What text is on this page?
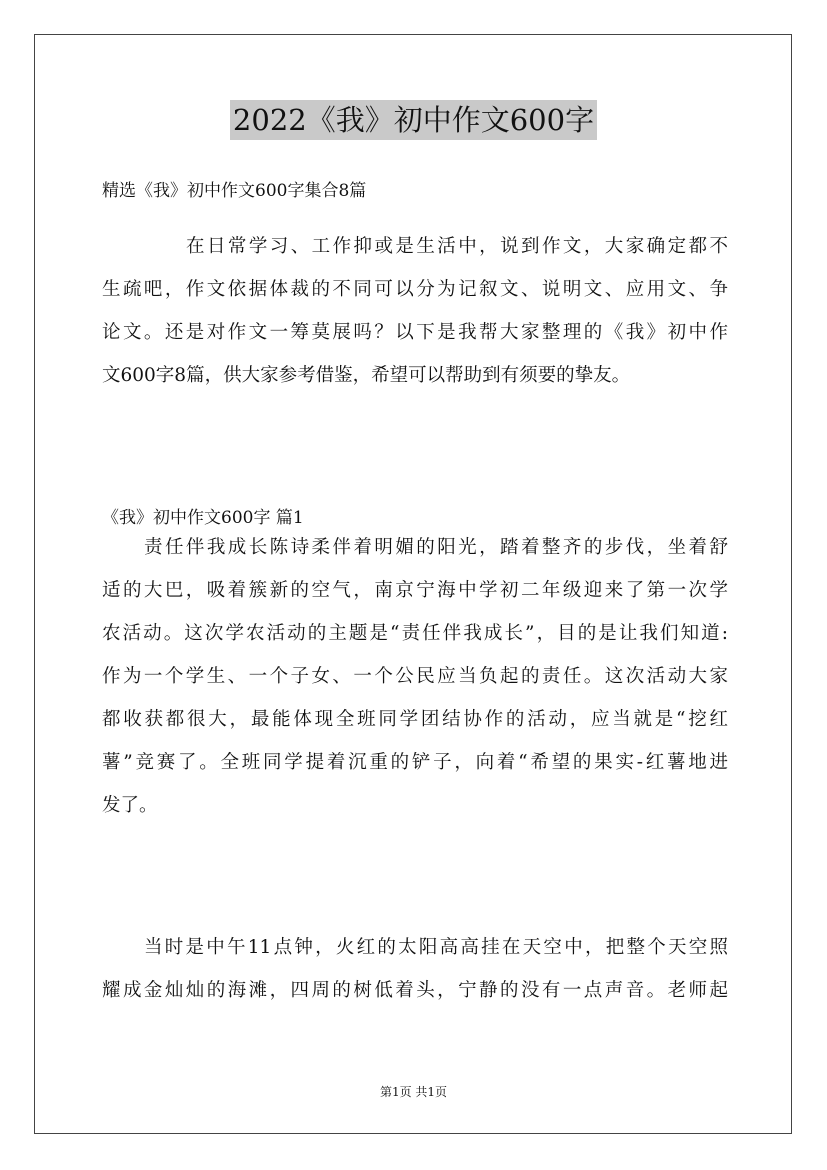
2022《我》初中作文600字
精选《我》初中作文600字集合8篇
在日常学习、工作抑或是生活中，说到作文，大家确定都不
生疏吧，作文依据体裁的不同可以分为记叙文、说明文、应用文、争
论文。还是对作文一筹莫展吗？以下是我帮大家整理的《我》初中作
文600字8篇，供大家参考借鉴，希望可以帮助到有须要的挚友。
《我》初中作文600字 篇1
责任伴我成长陈诗柔伴着明媚的阳光，踏着整齐的步伐，坐着舒
适的大巴，吸着簇新的空气，南京宁海中学初二年级迎来了第一次学
农活动。这次学农活动的主题是“责任伴我成长”，目的是让我们知道:
作为一个学生、一个子女、一个公民应当负起的责任。这次活动大家
都收获都很大，最能体现全班同学团结协作的活动，应当就是“挖红
薯”竞赛了。全班同学提着沉重的铲子，向着“希望的果实-红薯地进
发了。
当时是中午11点钟，火红的太阳高高挂在天空中，把整个天空照
耀成金灿灿的海滩，四周的树低着头，宁静的没有一点声音。老师起
第1页 共1页
